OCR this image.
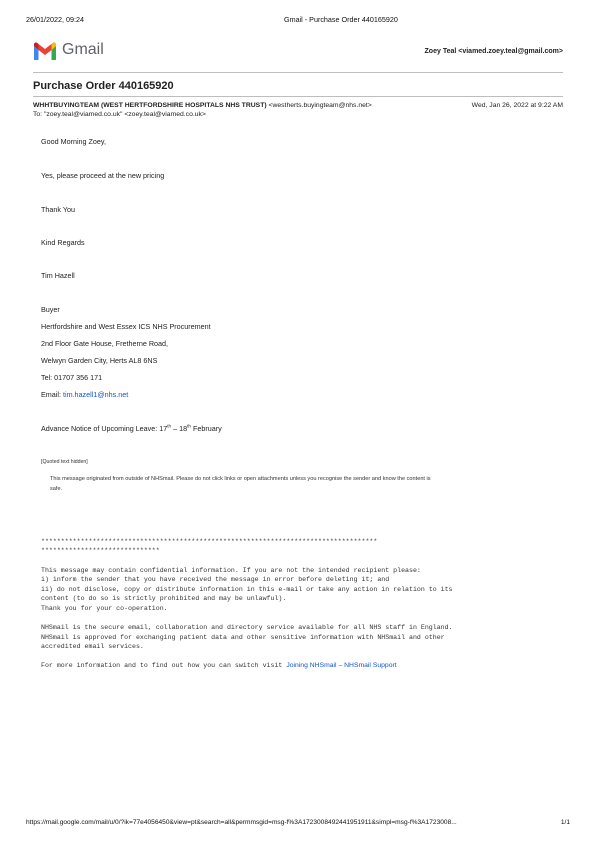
26/01/2022, 09:24	Gmail - Purchase Order 440165920
Gmail	Zoey Teal <viamed.zoey.teal@gmail.com>
Purchase Order 440165920
WHHTBUYINGTEAM (WEST HERTFORDSHIRE HOSPITALS NHS TRUST) <westherts.buyingteam@nhs.net>	Wed, Jan 26, 2022 at 9:22 AM
To: "zoey.teal@viamed.co.uk" <zoey.teal@viamed.co.uk>
Good Morning Zoey,
Yes, please proceed at the new pricing
Thank You
Kind Regards
Tim Hazell
Buyer
Hertfordshire and West Essex ICS NHS Procurement
2nd Floor Gate House, Fretherne Road,
Welwyn Garden City, Herts AL8 6NS
Tel: 01707 356 171
Email: tim.hazell1@nhs.net
Advance Notice of Upcoming Leave: 17th – 18th February
[Quoted text hidden]
This message originated from outside of NHSmail. Please do not click links or open attachments unless you recognise the sender and know the content is
safe.
*************************************************************************************
******************************
This message may contain confidential information. If you are not the intended recipient please:
i) inform the sender that you have received the message in error before deleting it; and
ii) do not disclose, copy or distribute information in this e-mail or take any action in relation to its
content (to do so is strictly prohibited and may be unlawful).
Thank you for your co-operation.
NHSmail is the secure email, collaboration and directory service available for all NHS staff in England.
NHSmail is approved for exchanging patient data and other sensitive information with NHSmail and other
accredited email services.
For more information and to find out how you can switch visit Joining NHSmail – NHSmail Support
https://mail.google.com/mail/u/0/?ik=77e4056450&view=pt&search=all&permmsgid=msg-f%3A1723008492441951911&simpl=msg-f%3A1723008...	1/1
